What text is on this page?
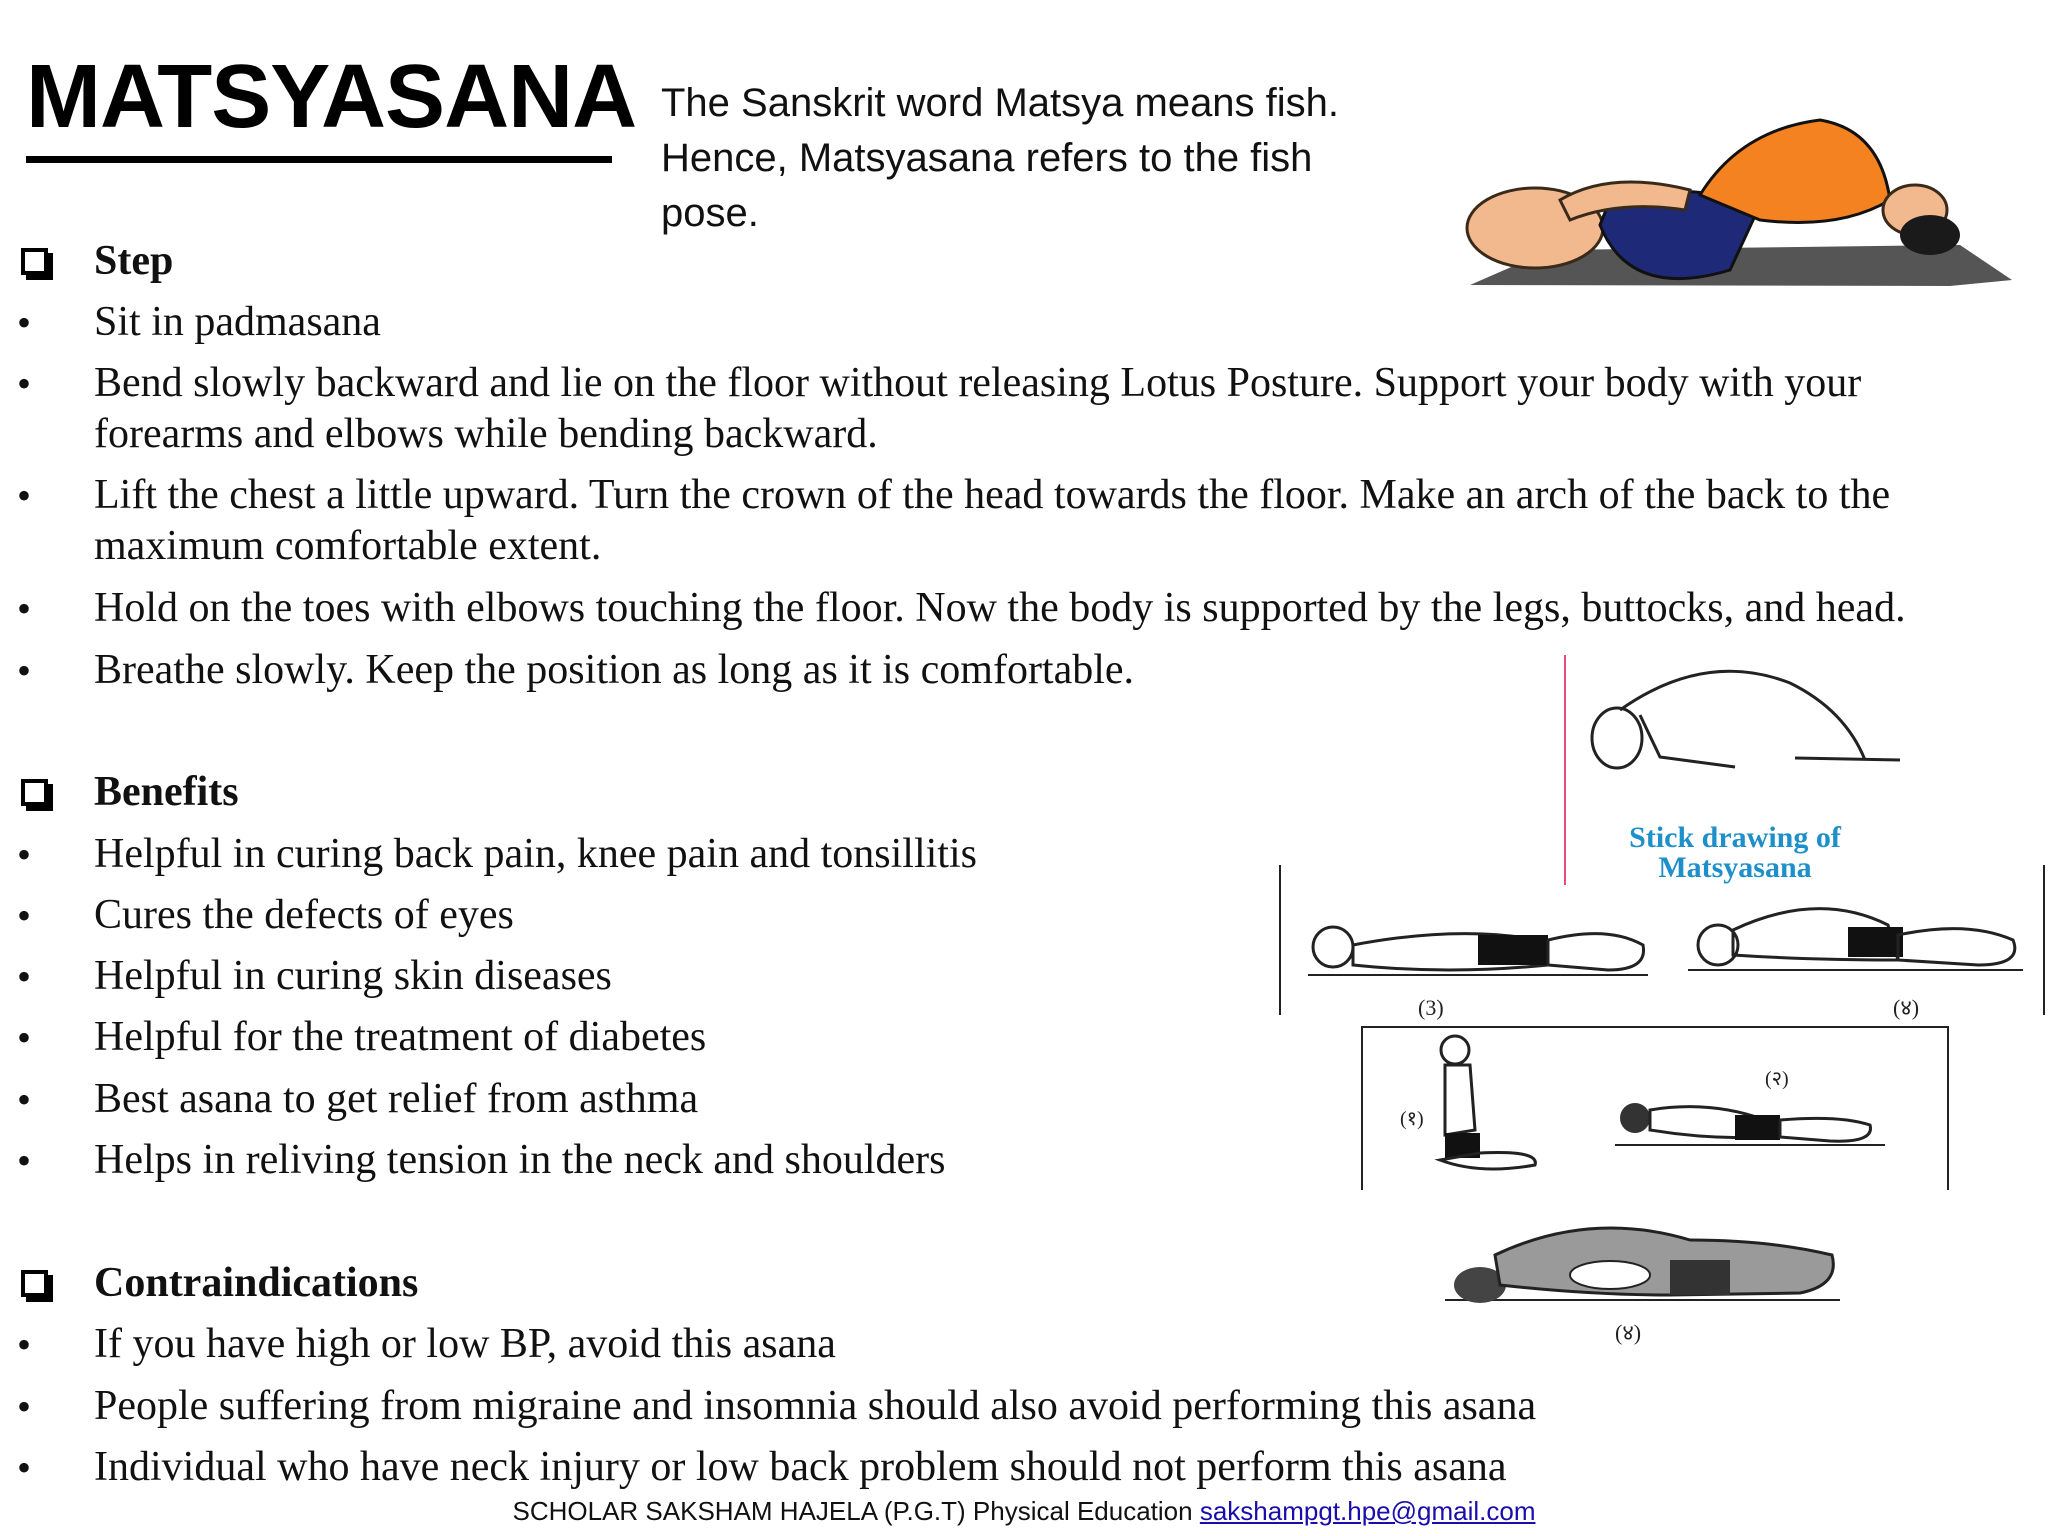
MATSYASANA The Sanskrit word Matsya means fish. Hence, Matsyasana refers to the fish pose.
Step
• Sit in padmasana
• Bend slowly backward and lie on the floor without releasing Lotus Posture. Support your body with your forearms and elbows while bending backward.
• Lift the chest a little upward. Turn the crown of the head towards the floor. Make an arch of the back to the maximum comfortable extent.
• Hold on the toes with elbows touching the floor. Now the body is supported by the legs, buttocks, and head.
• Breathe slowly. Keep the position as long as it is comfortable.
Benefits
• Helpful in curing back pain, knee pain and tonsillitis
• Cures the defects of eyes
• Helpful in curing skin diseases
• Helpful for the treatment of diabetes
• Best asana to get relief from asthma
• Helps in reliving tension in the neck and shoulders
Contraindications
• If you have high or low BP, avoid this asana
• People suffering from migraine and insomnia should also avoid performing this asana
• Individual who have neck injury or low back problem should not perform this asana
Stick drawing of
Matsyasana
(3)	(४)
(१)
(२)
(४)
SCHOLAR SAKSHAM HAJELA (P.G.T) Physical Education sakshampgt.hpe@gmail.com
